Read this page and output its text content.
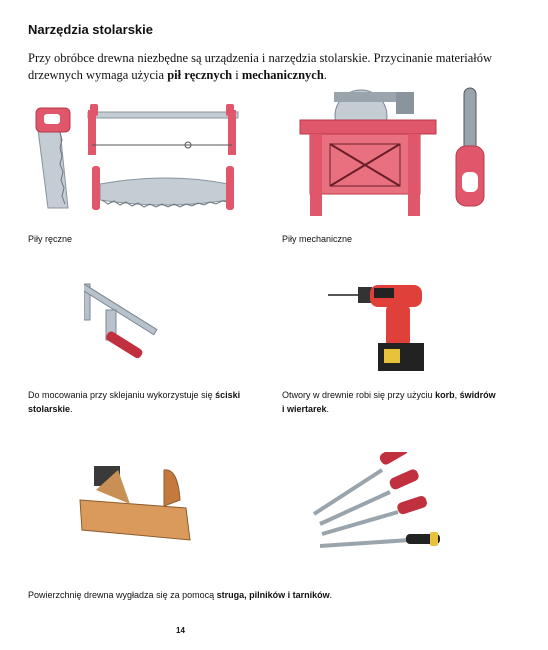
Narzędzia stolarskie
Przy obróbce drewna niezbędne są urządzenia i narzędzia stolarskie. Przycinanie materiałów drzewnych wymaga użycia pił ręcznych i mechanicznych.
Piły ręczne	Piły mechaniczne
Do mocowania przy sklejaniu wykorzystuje się ściski stolarskie.
Otwory w drewnie robi się przy użyciu korb, świdrów
i wiertarek.
Powierzchnię drewna wygładza się za pomocą struga, pilników i tarników.
14
